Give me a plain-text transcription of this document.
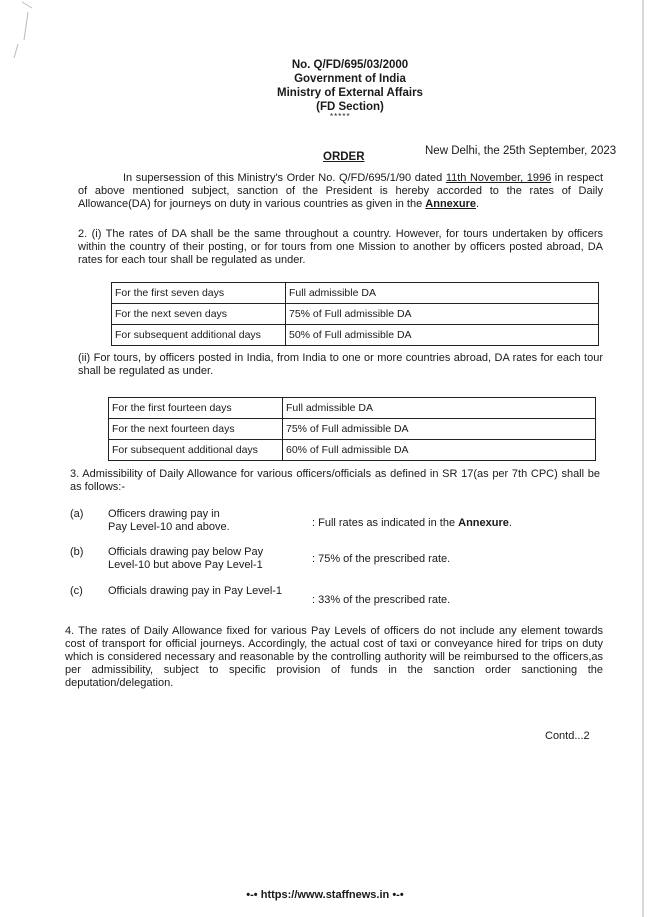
No. Q/FD/695/03/2000
Government of India
Ministry of External Affairs
(FD Section)
*****
New Delhi, the 25th September, 2023
ORDER
In supersession of this Ministry's Order No. Q/FD/695/1/90 dated 11th November, 1996 in respect of above mentioned subject, sanction of the President is hereby accorded to the rates of Daily Allowance(DA) for journeys on duty in various countries as given in the Annexure.
2. (i) The rates of DA shall be the same throughout a country. However, for tours undertaken by officers within the country of their posting, or for tours from one Mission to another by officers posted abroad, DA rates for each tour shall be regulated as under.
For the first seven days	Full admissible DA
For the next seven days	75% of Full admissible DA
For subsequent additional days	50% of Full admissible DA
(ii) For tours, by officers posted in India, from India to one or more countries abroad, DA rates for each tour shall be regulated as under.
For the first fourteen days	Full admissible DA
For the next fourteen days	75% of Full admissible DA
For subsequent additional days	60% of Full admissible DA
3. Admissibility of Daily Allowance for various officers/officials as defined in SR 17(as per 7th CPC) shall be as follows:-
(a) Officers drawing pay in
Pay Level-10 and above.	: Full rates as indicated in the Annexure.
(b) Officials drawing pay below Pay
Level-10 but above Pay Level-1	: 75% of the prescribed rate.
(c) Officials drawing pay in Pay Level-1
: 33% of the prescribed rate.
4. The rates of Daily Allowance fixed for various Pay Levels of officers do not include any element towards cost of transport for official journeys. Accordingly, the actual cost of taxi or conveyance hired for trips on duty which is considered necessary and reasonable by the controlling authority will be reimbursed to the officers,as per admissibility, subject to specific provision of funds in the sanction order sanctioning the deputation/delegation.
Contd...2
•-• https://www.staffnews.in •-•
